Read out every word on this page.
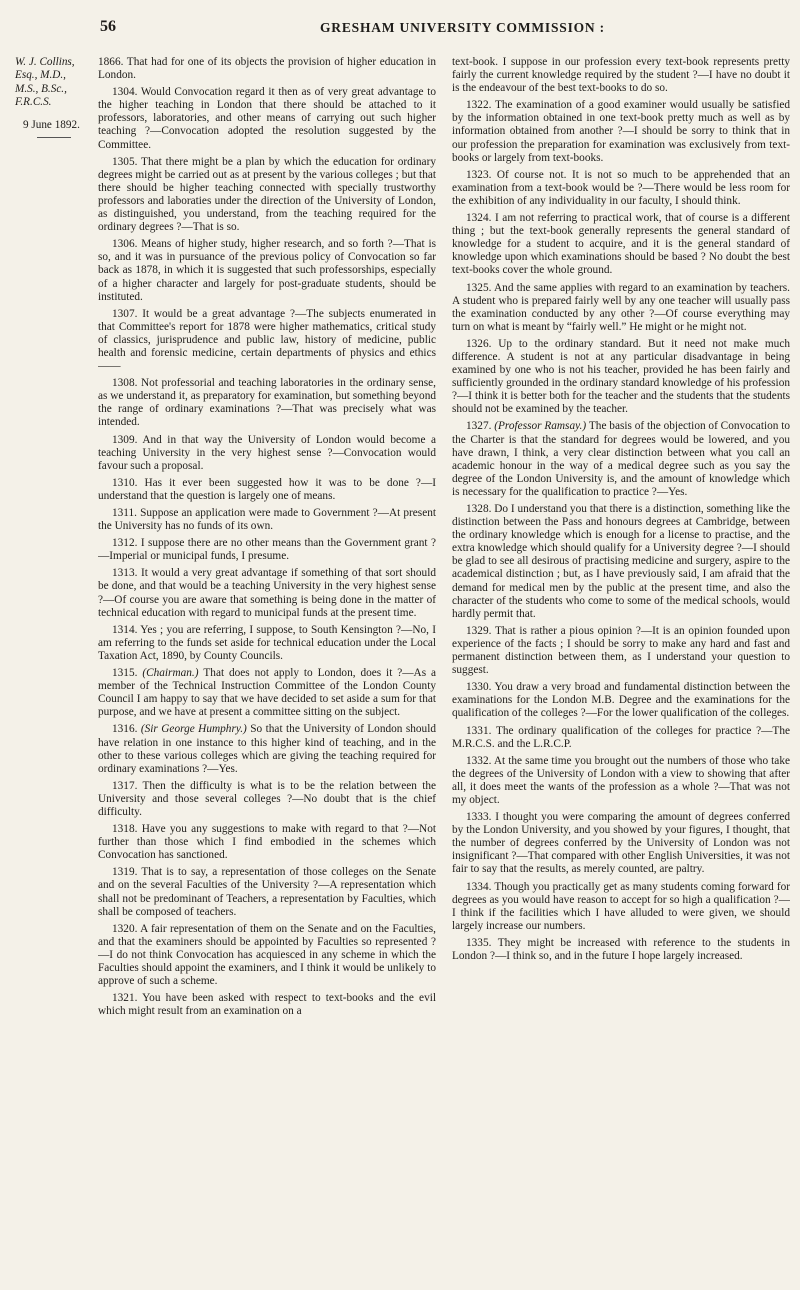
56	GRESHAM UNIVERSITY COMMISSION :
W. J. Collins,
Esq., M.D.,
M.S., B.Sc.,
F.R.C.S.
9 June 1892.

1866. That had for one of its objects the provision of higher education in London.

1304. Would Convocation regard it then as of very great advantage to the higher teaching in London that there should be attached to it professors, laboratories, and other means of carrying out such higher teaching ?—Convocation adopted the resolution suggested by the Committee.

1305. That there might be a plan by which the education for ordinary degrees might be carried out as at present by the various colleges ; but that there should be higher teaching connected with specially trustworthy professors and laboraties under the direction of the University of London, as distinguished, you understand, from the teaching required for the ordinary degrees ?—That is so.

1306. Means of higher study, higher research, and so forth ?—That is so, and it was in pursuance of the previous policy of Convocation so far back as 1878, in which it is suggested that such professorships, especially of a higher character and largely for post-graduate students, should be instituted.

1307. It would be a great advantage ?—The subjects enumerated in that Committee's report for 1878 were higher mathematics, critical study of classics, jurisprudence and public law, history of medicine, public health and forensic medicine, certain departments of physics and ethics——

1308. Not professorial and teaching laboratories in the ordinary sense, as we understand it, as preparatory for examination, but something beyond the range of ordinary examinations ?—That was precisely what was intended.

1309. And in that way the University of London would become a teaching University in the very highest sense ?—Convocation would favour such a proposal.

1310. Has it ever been suggested how it was to be done ?—I understand that the question is largely one of means.

1311. Suppose an application were made to Government ?—At present the University has no funds of its own.

1312. I suppose there are no other means than the Government grant ?—Imperial or municipal funds, I presume.

1313. It would a very great advantage if something of that sort should be done, and that would be a teaching University in the very highest sense ?—Of course you are aware that something is being done in the matter of technical education with regard to municipal funds at the present time.

1314. Yes ; you are referring, I suppose, to South Kensington ?—No, I am referring to the funds set aside for technical education under the Local Taxation Act, 1890, by County Councils.

1315. (Chairman.) That does not apply to London, does it ?—As a member of the Technical Instruction Committee of the London County Council I am happy to say that we have decided to set aside a sum for that purpose, and we have at present a committee sitting on the subject.

1316. (Sir George Humphry.) So that the University of London should have relation in one instance to this higher kind of teaching, and in the other to these various colleges which are giving the teaching required for ordinary examinations ?—Yes.

1317. Then the difficulty is what is to be the relation between the University and those several colleges ?—No doubt that is the chief difficulty.

1318. Have you any suggestions to make with regard to that ?—Not further than those which I find embodied in the schemes which Convocation has sanctioned.

1319. That is to say, a representation of those colleges on the Senate and on the several Faculties of the University ?—A representation which shall not be predominant of Teachers, a representation by Faculties, which shall be composed of teachers.

1320. A fair representation of them on the Senate and on the Faculties, and that the examiners should be appointed by Faculties so represented ?—I do not think Convocation has acquiesced in any scheme in which the Faculties should appoint the examiners, and I think it would be unlikely to approve of such a scheme.

1321. You have been asked with respect to text-books and the evil which might result from an examination on a

text-book. I suppose in our profession every text-book represents pretty fairly the current knowledge required by the student ?—I have no doubt it is the endeavour of the best text-books to do so.

1322. The examination of a good examiner would usually be satisfied by the information obtained in one text-book pretty much as well as by information obtained from another ?—I should be sorry to think that in our profession the preparation for examination was exclusively from text-books or largely from text-books.

1323. Of course not. It is not so much to be apprehended that an examination from a text-book would be ?—There would be less room for the exhibition of any individuality in our faculty, I should think.

1324. I am not referring to practical work, that of course is a different thing ; but the text-book generally represents the general standard of knowledge for a student to acquire, and it is the general standard of knowledge upon which examinations should be based ? No doubt the best text-books cover the whole ground.

1325. And the same applies with regard to an examination by teachers. A student who is prepared fairly well by any one teacher will usually pass the examination conducted by any other ?—Of course everything may turn on what is meant by “fairly well.” He might or he might not.

1326. Up to the ordinary standard. But it need not make much difference. A student is not at any particular disadvantage in being examined by one who is not his teacher, provided he has been fairly and sufficiently grounded in the ordinary standard knowledge of his profession ?—I think it is better both for the teacher and the students that the students should not be examined by the teacher.

1327. (Professor Ramsay.) The basis of the objection of Convocation to the Charter is that the standard for degrees would be lowered, and you have drawn, I think, a very clear distinction between what you call an academic honour in the way of a medical degree such as you say the degree of the London University is, and the amount of knowledge which is necessary for the qualification to practice ?—Yes.

1328. Do I understand you that there is a distinction, something like the distinction between the Pass and honours degrees at Cambridge, between the ordinary knowledge which is enough for a license to practise, and the extra knowledge which should qualify for a University degree ?—I should be glad to see all desirous of practising medicine and surgery, aspire to the academical distinction ; but, as I have previously said, I am afraid that the demand for medical men by the public at the present time, and also the character of the students who come to some of the medical schools, would hardly permit that.

1329. That is rather a pious opinion ?—It is an opinion founded upon experience of the facts ; I should be sorry to make any hard and fast and permanent distinction between them, as I understand your question to suggest.

1330. You draw a very broad and fundamental distinction between the examinations for the London M.B. Degree and the examinations for the qualification of the colleges ?—For the lower qualification of the colleges.

1331. The ordinary qualification of the colleges for practice ?—The M.R.C.S. and the L.R.C.P.

1332. At the same time you brought out the numbers of those who take the degrees of the University of London with a view to showing that after all, it does meet the wants of the profession as a whole ?—That was not my object.

1333. I thought you were comparing the amount of degrees conferred by the London University, and you showed by your figures, I thought, that the number of degrees conferred by the University of London was not insignificant ?—That compared with other English Universities, it was not fair to say that the results, as merely counted, are paltry.

1334. Though you practically get as many students coming forward for degrees as you would have reason to accept for so high a qualification ?—I think if the facilities which I have alluded to were given, we should largely increase our numbers.

1335. They might be increased with reference to the students in London ?—I think so, and in the future I hope largely increased.
